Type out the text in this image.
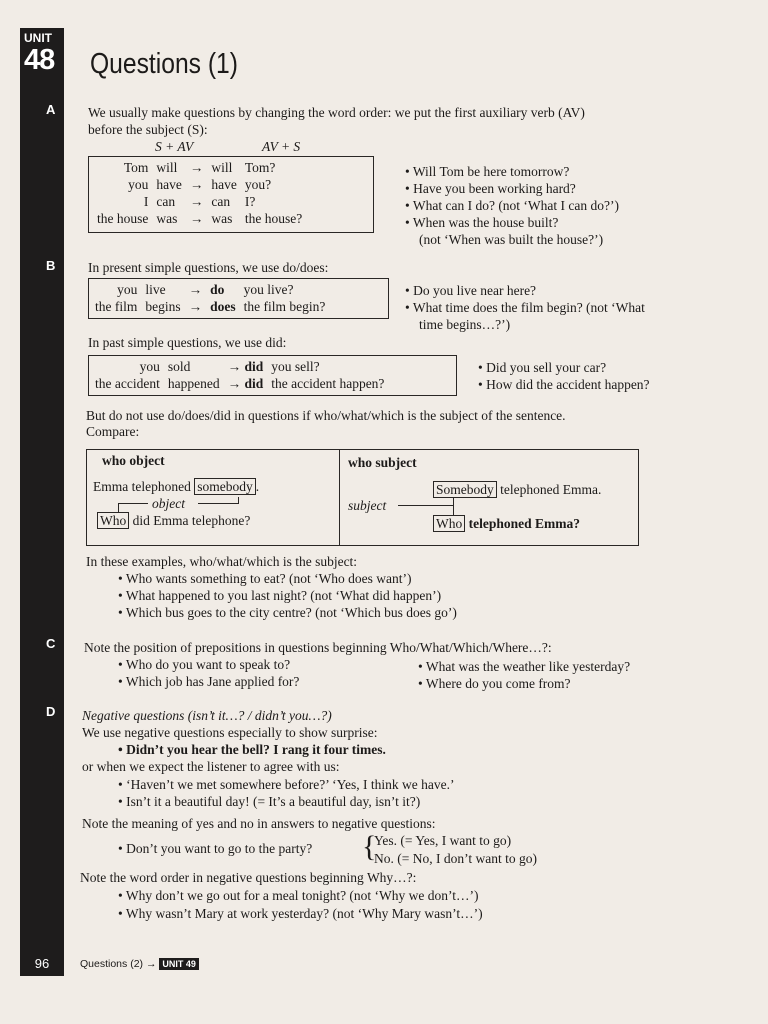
UNIT
48 Questions (1)
A
B
C
D
We usually make questions by changing the word order: we put the first auxiliary verb (AV)
before the subject (S):
S + AV	AV + S
Tom	will	→	will	Tom?
you	have	→	have	you?
I	can	→	can	I?
the house	was	→	was	the house?
• Will Tom be here tomorrow?
• Have you been working hard?
• What can I do? (not ‘What I can do?’)
• When was the house built?
(not ‘When was built the house?’)
In present simple questions, we use do/does:
you	live	→	do	you live?
the film	begins	→	does	the film begin?
• Do you live near here?
• What time does the film begin? (not ‘What
time begins…?’)
In past simple questions, we use did:
you	sold	→ did	you sell?
the accident	happened	→ did	the accident happen?
• Did you sell your car?
• How did the accident happen?
But do not use do/does/did in questions if who/what/which is the subject of the sentence.
Compare:
who object	who subject
Emma telephoned somebody .
object
Who did Emma telephone?
Somebody telephoned Emma.
subject
Who telephoned Emma?
In these examples, who/what/which is the subject:
• Who wants something to eat? (not ‘Who does want’)
• What happened to you last night? (not ‘What did happen’)
• Which bus goes to the city centre? (not ‘Which bus does go’)
Note the position of prepositions in questions beginning Who/What/Which/Where…?:
• Who do you want to speak to?
• Which job has Jane applied for?
• What was the weather like yesterday?
• Where do you come from?
Negative questions (isn’t it…? / didn’t you…?)
We use negative questions especially to show surprise:
• Didn’t you hear the bell? I rang it four times.
or when we expect the listener to agree with us:
• ‘Haven’t we met somewhere before?’ ‘Yes, I think we have.’
• Isn’t it a beautiful day! (= It’s a beautiful day, isn’t it?)
Note the meaning of yes and no in answers to negative questions:
• Don’t you want to go to the party? {
Yes. (= Yes, I want to go)
No. (= No, I don’t want to go)
Note the word order in negative questions beginning Why…?:
• Why don’t we go out for a meal tonight? (not ‘Why we don’t…’)
• Why wasn’t Mary at work yesterday? (not ‘Why Mary wasn’t…’)
96	Questions (2) → UNIT 49
